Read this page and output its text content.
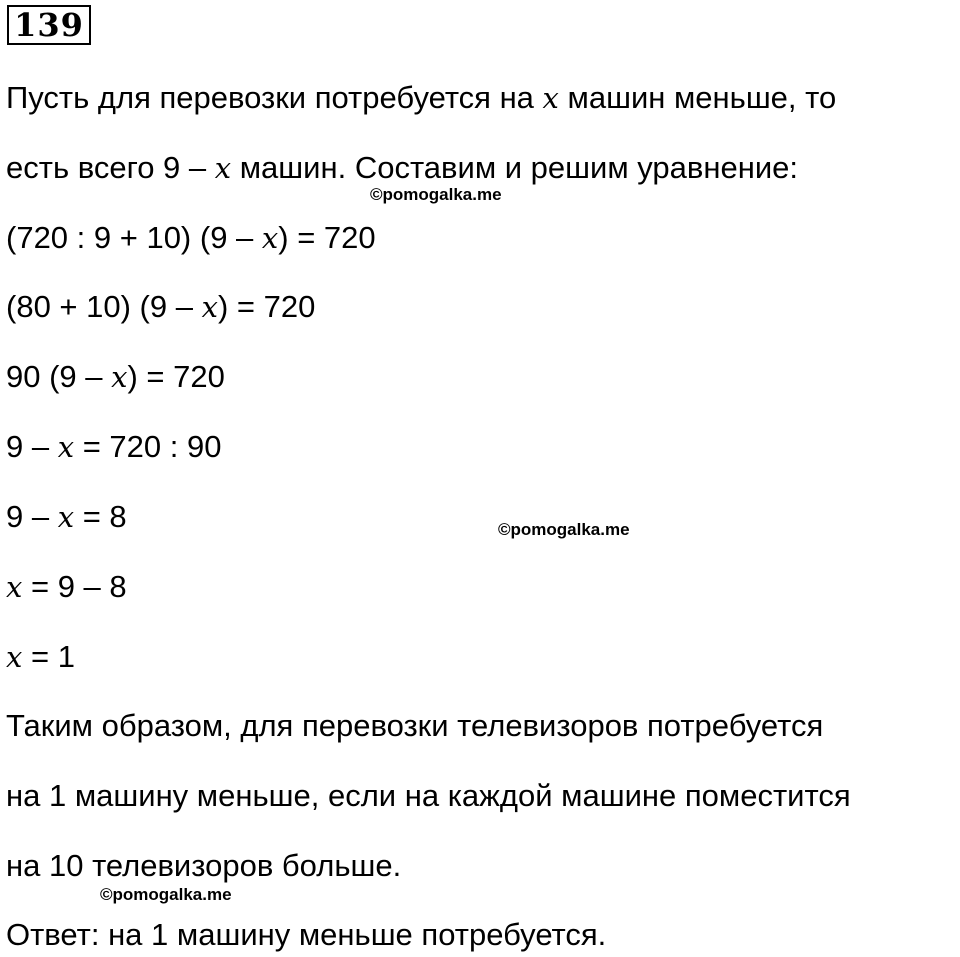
139
Пусть для перевозки потребуется на x машин меньше, то
есть всего 9 – x машин. Составим и решим уравнение:
©pomogalka.me
(720 : 9 + 10) (9 – x) = 720
(80 + 10) (9 – x) = 720
90 (9 – x) = 720
9 – x = 720 : 90
9 – x = 8	©pomogalka.me
x = 9 – 8
x = 1
Таким образом, для перевозки телевизоров потребуется
на 1 машину меньше, если на каждой машине поместится
на 10 телевизоров больше.
©pomogalka.me
Ответ: на 1 машину меньше потребуется.
